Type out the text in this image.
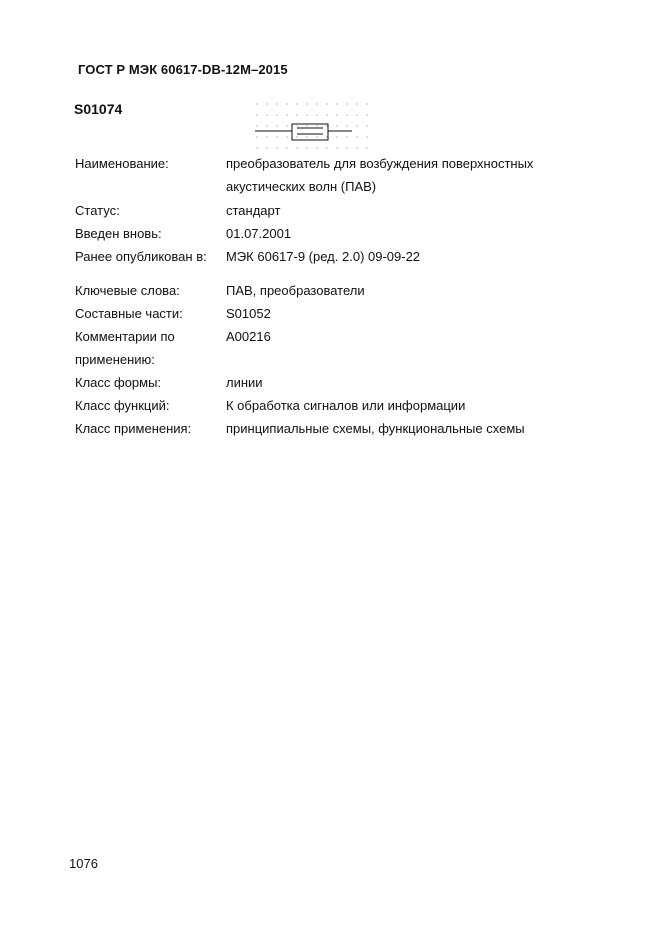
ГОСТ Р МЭК 60617-DB-12M–2015
S01074
Наименование:	преобразователь для возбуждения поверхностных
акустических волн (ПАВ)
Статус:	стандарт
Введен вновь:	01.07.2001
Ранее опубликован в: МЭК 60617-9 (ред. 2.0) 09-09-22
Ключевые слова:	ПАВ, преобразователи
Составные части:	S01052
Комментарии по	A00216
применению:
Класс формы:	линии
Класс функций:	К обработка сигналов или информации
Класс применения:	принципиальные схемы, функциональные схемы
1076
